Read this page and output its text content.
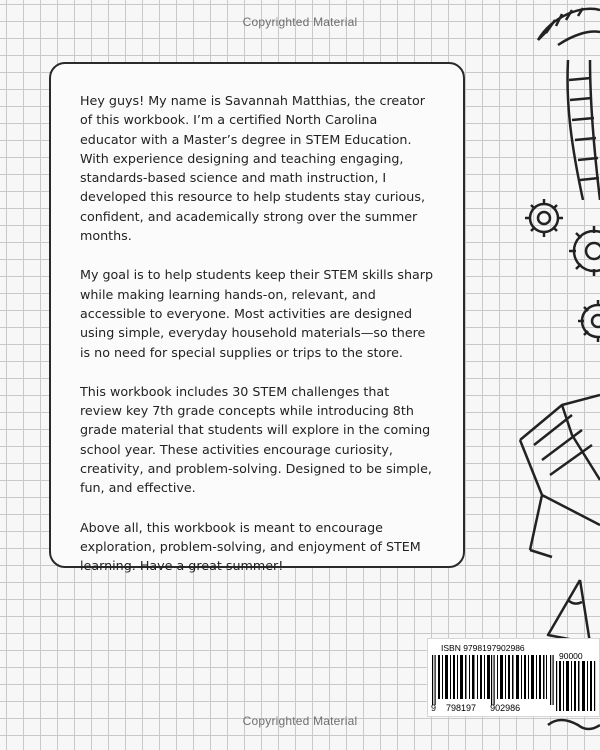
Copyrighted Material

Hey guys! My name is Savannah Matthias, the creator of this workbook. I’m a certified North Carolina educator with a Master’s degree in STEM Education. With experience designing and teaching engaging, standards-based science and math instruction, I developed this resource to help students stay curious, confident, and academically strong over the summer months.

My goal is to help students keep their STEM skills sharp while making learning hands-on, relevant, and accessible to everyone. Most activities are designed using simple, everyday household materials—so there is no need for special supplies or trips to the store.

This workbook includes 30 STEM challenges that review key 7th grade concepts while introducing 8th grade material that students will explore in the coming school year. These activities encourage curiosity, creativity, and problem-solving. Designed to be simple, fun, and effective.

Above all, this workbook is meant to encourage exploration, problem-solving, and enjoyment of STEM learning. Have a great summer!

ISBN 9798197902986
90000
9 798197 902986
Copyrighted Material
